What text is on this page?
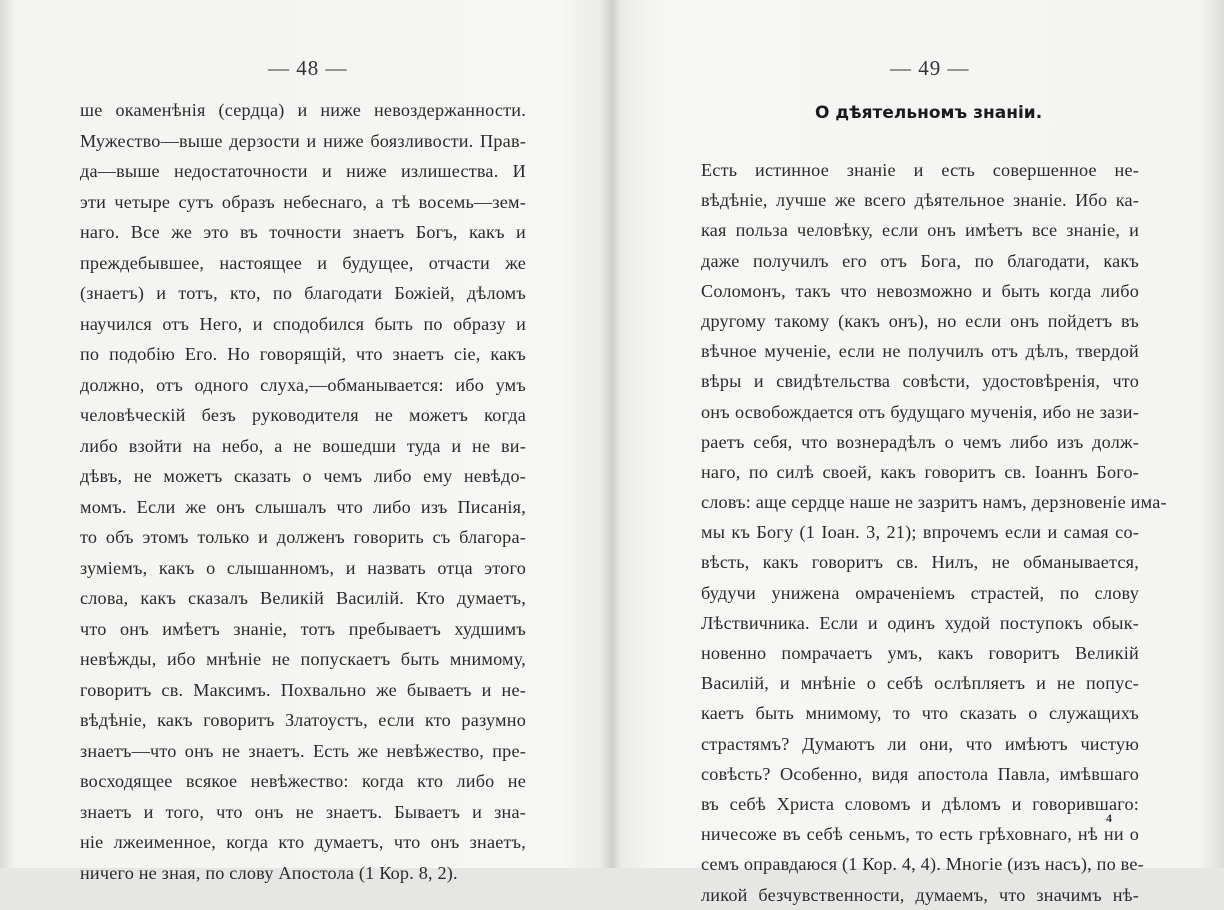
— 48 —
ше окаменѣнія (сердца) и ниже невоздержанности.
Мужество—выше дерзости и ниже боязливости. Прав-
да—выше недостаточности и ниже излишества. И
эти четыре сутъ образъ небеснаго, а тѣ восемь—зем-
наго. Все же это въ точности знаетъ Богъ, какъ и
преждебывшее, настоящее и будущее, отчасти же
(знаетъ) и тотъ, кто, по благодати Божіей, дѣломъ
научился отъ Него, и сподобился быть по образу и
по подобію Его. Но говорящій, что знаетъ сіе, какъ
должно, отъ одного слуха,—обманывается: ибо умъ
человѣческій безъ руководителя не можетъ когда
либо взойти на небо, а не вошедши туда и не ви-
дѣвъ, не можетъ сказать о чемъ либо ему невѣдо-
момъ. Если же онъ слышалъ что либо изъ Писанія,
то объ этомъ только и долженъ говорить съ благора-
зуміемъ, какъ о слышанномъ, и назвать отца этого
слова, какъ сказалъ Великій Василій. Кто думаетъ,
что онъ имѣетъ знаніе, тотъ пребываетъ худшимъ
невѣжды, ибо мнѣніе не попускаетъ быть мнимому,
говоритъ св. Максимъ. Похвально же бываетъ и не-
вѣдѣніе, какъ говоритъ Златоустъ, если кто разумно
знаетъ—что онъ не знаетъ. Есть же невѣжество, пре-
восходящее всякое невѣжество: когда кто либо не
знаетъ и того, что онъ не знаетъ. Бываетъ и зна-
ніе лжеименное, когда кто думаетъ, что онъ знаетъ,
ничего не зная, по слову Апостола (1 Кор. 8, 2).
— 49 —
О дѣятельномъ знаніи.
Есть истинное знаніе и есть совершенное не-
вѣдѣніе, лучше же всего дѣятельное знаніе. Ибо ка-
кая польза человѣку, если онъ имѣетъ все знаніе, и
даже получилъ его отъ Бога, по благодати, какъ
Соломонъ, такъ что невозможно и быть когда либо
другому такому (какъ онъ), но если онъ пойдетъ въ
вѣчное мученіе, если не получилъ отъ дѣлъ, твердой
вѣры и свидѣтельства совѣсти, удостовѣренія, что
онъ освобождается отъ будущаго мученія, ибо не зази-
раетъ себя, что вознерадѣлъ о чемъ либо изъ долж-
наго, по силѣ своей, какъ говоритъ св. Іоаннъ Бого-
словъ: аще сердце наше не зазритъ намъ, дерзновеніе има-
мы къ Богу (1 Іоан. 3, 21); впрочемъ если и самая со-
вѣсть, какъ говоритъ св. Нилъ, не обманывается,
будучи унижена омраченіемъ страстей, по слову
Лѣствичника. Если и одинъ худой поступокъ обык-
новенно помрачаетъ умъ, какъ говоритъ Великій
Василій, и мнѣніе о себѣ ослѣпляетъ и не попус-
каетъ быть мнимому, то что сказать о служащихъ
страстямъ? Думаютъ ли они, что имѣютъ чистую
совѣсть? Особенно, видя апостола Павла, имѣвшаго
въ себѣ Христа словомъ и дѣломъ и говорившаго:
ничесоже въ себѣ сеньмъ, то есть грѣховнаго, нѣ ни о
семъ оправдаюся (1 Кор. 4, 4). Многіе (изъ насъ), по ве-
ликой безчувственности, думаемъ, что значимъ нѣ-
4
